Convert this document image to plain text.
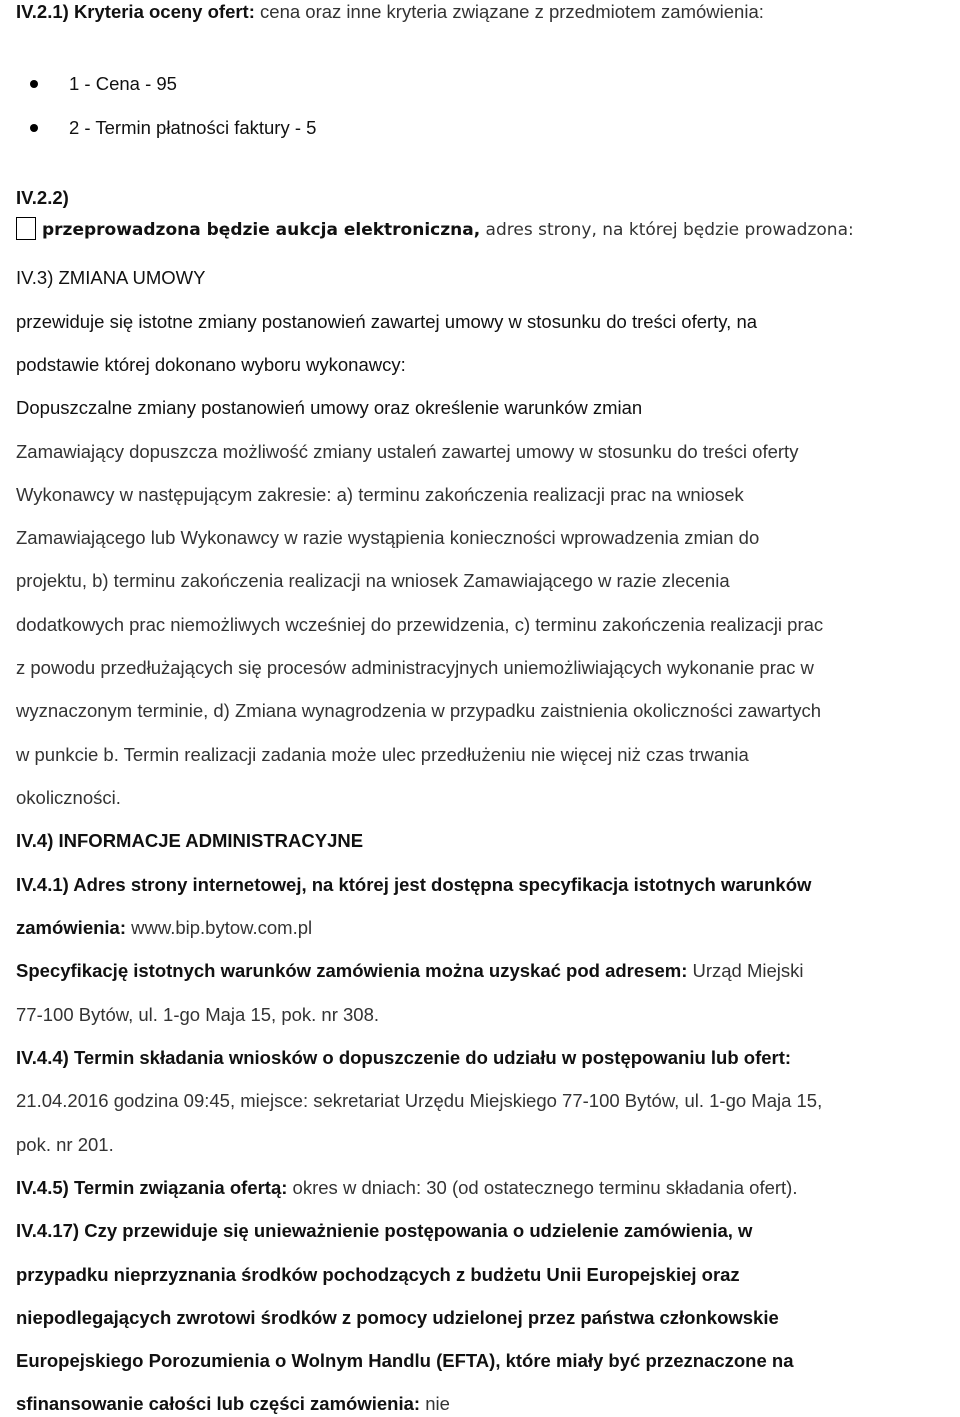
IV.2.1) Kryteria oceny ofert: cena oraz inne kryteria związane z przedmiotem zamówienia:
1 - Cena - 95
2 - Termin płatności faktury - 5
IV.2.2)
przeprowadzona będzie aukcja elektroniczna, adres strony, na której będzie prowadzona:
IV.3) ZMIANA UMOWY
przewiduje się istotne zmiany postanowień zawartej umowy w stosunku do treści oferty, na
podstawie której dokonano wyboru wykonawcy:
Dopuszczalne zmiany postanowień umowy oraz określenie warunków zmian
Zamawiający dopuszcza możliwość zmiany ustaleń zawartej umowy w stosunku do treści oferty
Wykonawcy w następującym zakresie: a) terminu zakończenia realizacji prac na wniosek
Zamawiającego lub Wykonawcy w razie wystąpienia konieczności wprowadzenia zmian do
projektu, b) terminu zakończenia realizacji na wniosek Zamawiającego w razie zlecenia
dodatkowych prac niemożliwych wcześniej do przewidzenia, c) terminu zakończenia realizacji prac
z powodu przedłużających się procesów administracyjnych uniemożliwiających wykonanie prac w
wyznaczonym terminie, d) Zmiana wynagrodzenia w przypadku zaistnienia okoliczności zawartych
w punkcie b. Termin realizacji zadania może ulec przedłużeniu nie więcej niż czas trwania
okoliczności.
IV.4) INFORMACJE ADMINISTRACYJNE
IV.4.1) Adres strony internetowej, na której jest dostępna specyfikacja istotnych warunków
zamówienia: www.bip.bytow.com.pl
Specyfikację istotnych warunków zamówienia można uzyskać pod adresem: Urząd Miejski
77-100 Bytów, ul. 1-go Maja 15, pok. nr 308.
IV.4.4) Termin składania wniosków o dopuszczenie do udziału w postępowaniu lub ofert:
21.04.2016 godzina 09:45, miejsce: sekretariat Urzędu Miejskiego 77-100 Bytów, ul. 1-go Maja 15,
pok. nr 201.
IV.4.5) Termin związania ofertą: okres w dniach: 30 (od ostatecznego terminu składania ofert).
IV.4.17) Czy przewiduje się unieważnienie postępowania o udzielenie zamówienia, w
przypadku nieprzyznania środków pochodzących z budżetu Unii Europejskiej oraz
niepodlegających zwrotowi środków z pomocy udzielonej przez państwa członkowskie
Europejskiego Porozumienia o Wolnym Handlu (EFTA), które miały być przeznaczone na
sfinansowanie całości lub części zamówienia: nie
